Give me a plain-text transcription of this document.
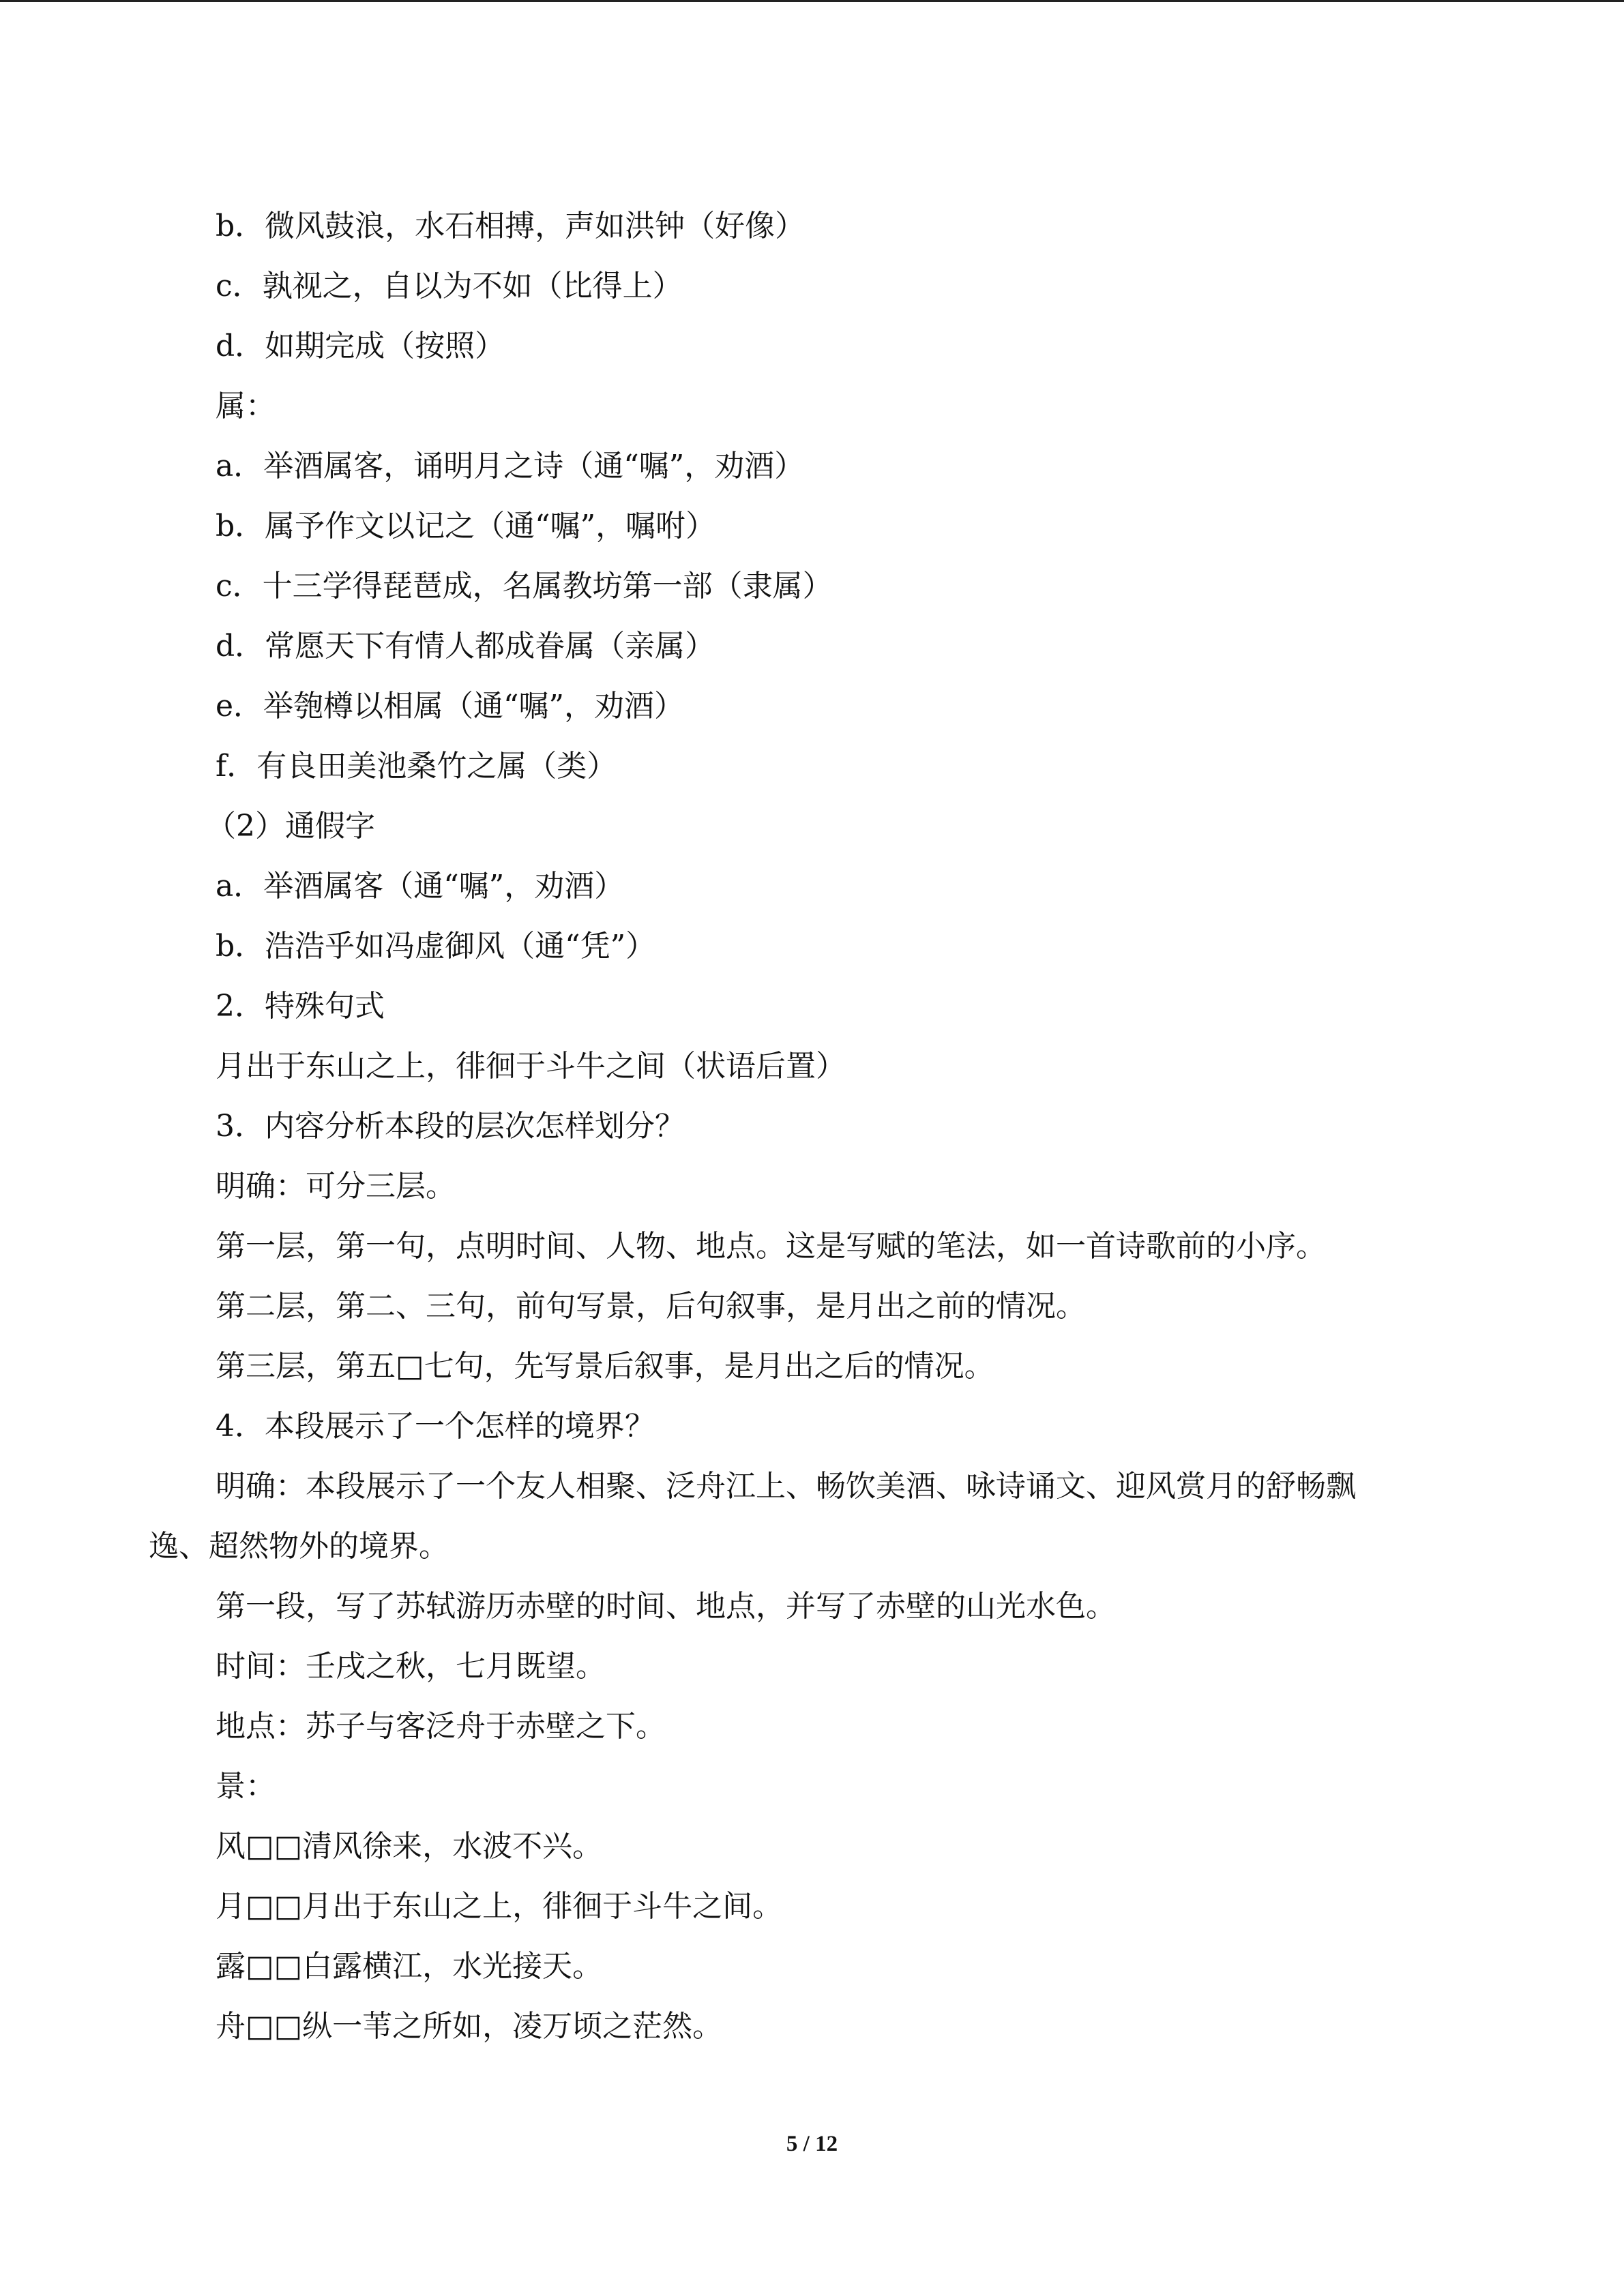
b．微风鼓浪，水石相搏，声如洪钟（好像）
c．孰视之，自以为不如（比得上）
d．如期完成（按照）
属：
a．举酒属客，诵明月之诗（通“嘱”，劝酒）
b．属予作文以记之（通“嘱”，嘱咐）
c．十三学得琵琶成，名属教坊第一部（隶属）
d．常愿天下有情人都成眷属（亲属）
e．举匏樽以相属（通“嘱”，劝酒）
f．有良田美池桑竹之属（类）
（2）通假字
a．举酒属客（通“嘱”，劝酒）
b．浩浩乎如冯虚御风（通“凭”）
2．特殊句式
月出于东山之上，徘徊于斗牛之间（状语后置）
3．内容分析本段的层次怎样划分？
明确：可分三层。
第一层，第一句，点明时间、人物、地点。这是写赋的笔法，如一首诗歌前的小序。
第二层，第二、三句，前句写景，后句叙事，是月出之前的情况。
第三层，第五□七句，先写景后叙事，是月出之后的情况。
4．本段展示了一个怎样的境界？
明确：本段展示了一个友人相聚、泛舟江上、畅饮美酒、咏诗诵文、迎风赏月的舒畅飘
逸、超然物外的境界。
第一段，写了苏轼游历赤壁的时间、地点，并写了赤壁的山光水色。
时间：壬戌之秋，七月既望。
地点：苏子与客泛舟于赤壁之下。
景：
风□□清风徐来，水波不兴。
月□□月出于东山之上，徘徊于斗牛之间。
露□□白露横江，水光接天。
舟□□纵一苇之所如，凌万顷之茫然。
5 / 12
